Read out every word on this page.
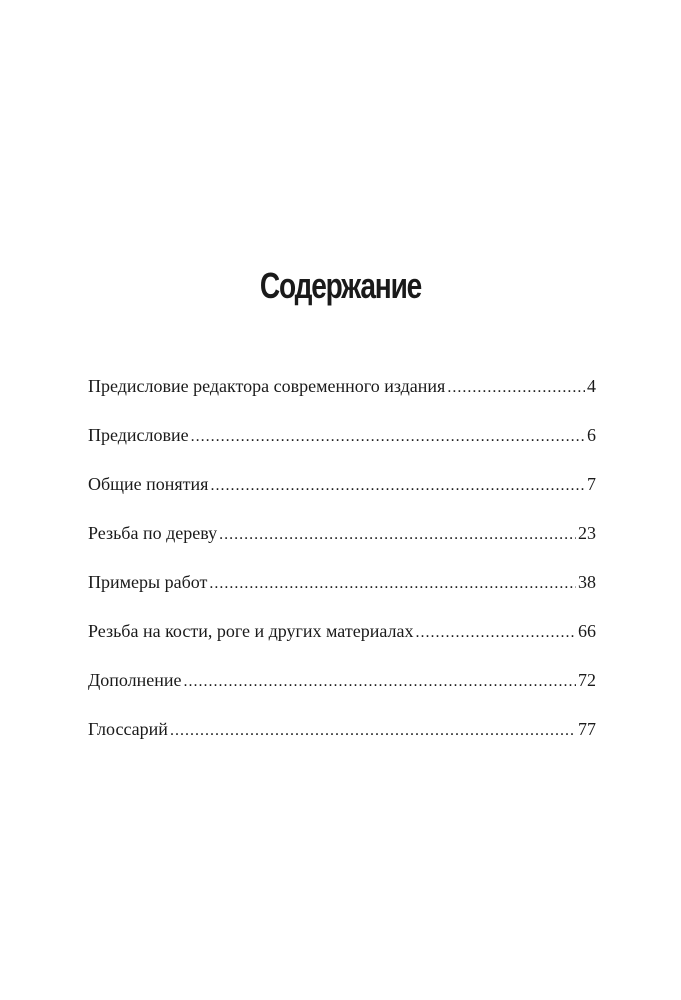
Содержание
Предисловие редактора современного издания .....	4
Предисловие .....	6
Общие понятия .....	7
Резьба по дереву .....	23
Примеры работ .....	38
Резьба на кости, роге и других материалах .....	66
Дополнение .....	72
Глоссарий .....	77
